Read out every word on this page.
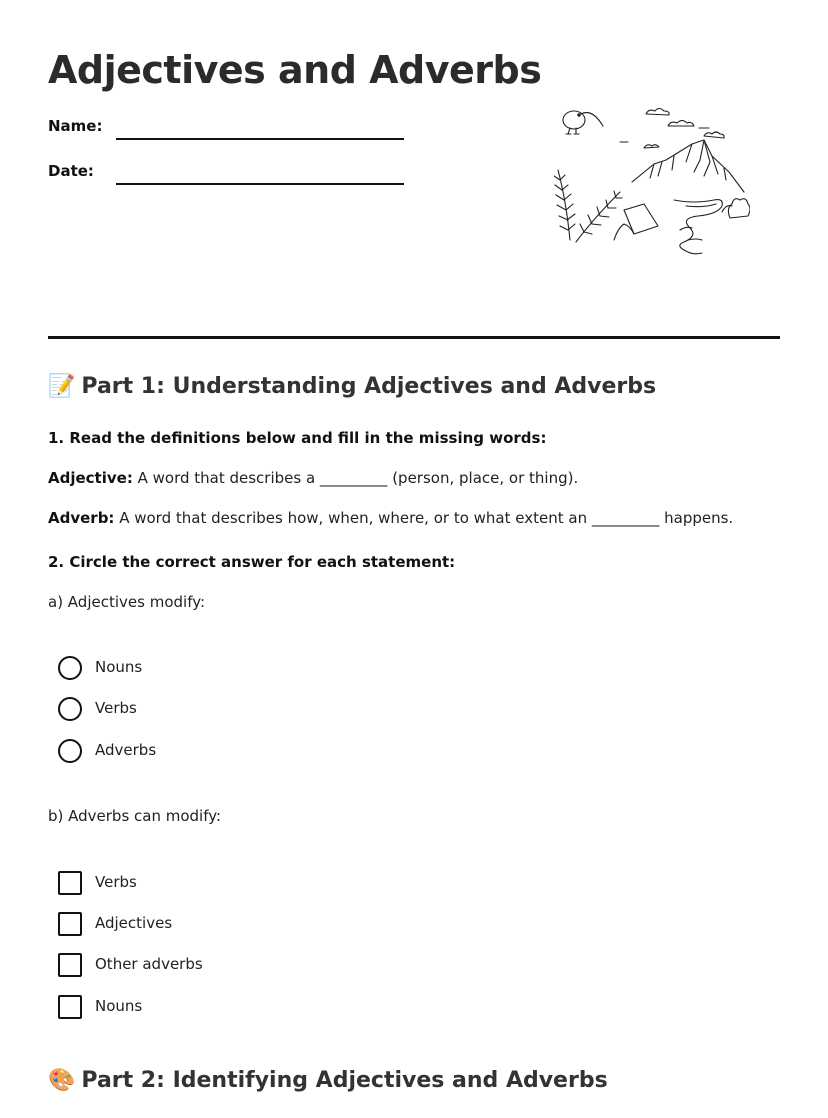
Adjectives and Adverbs
Name:
Date:
📝 Part 1: Understanding Adjectives and Adverbs
1. Read the definitions below and fill in the missing words:
Adjective: A word that describes a _________ (person, place, or thing).
Adverb: A word that describes how, when, where, or to what extent an _________ happens.
2. Circle the correct answer for each statement:
a) Adjectives modify:
Nouns
Verbs
Adverbs
b) Adverbs can modify:
Verbs
Adjectives
Other adverbs
Nouns
🎨 Part 2: Identifying Adjectives and Adverbs
